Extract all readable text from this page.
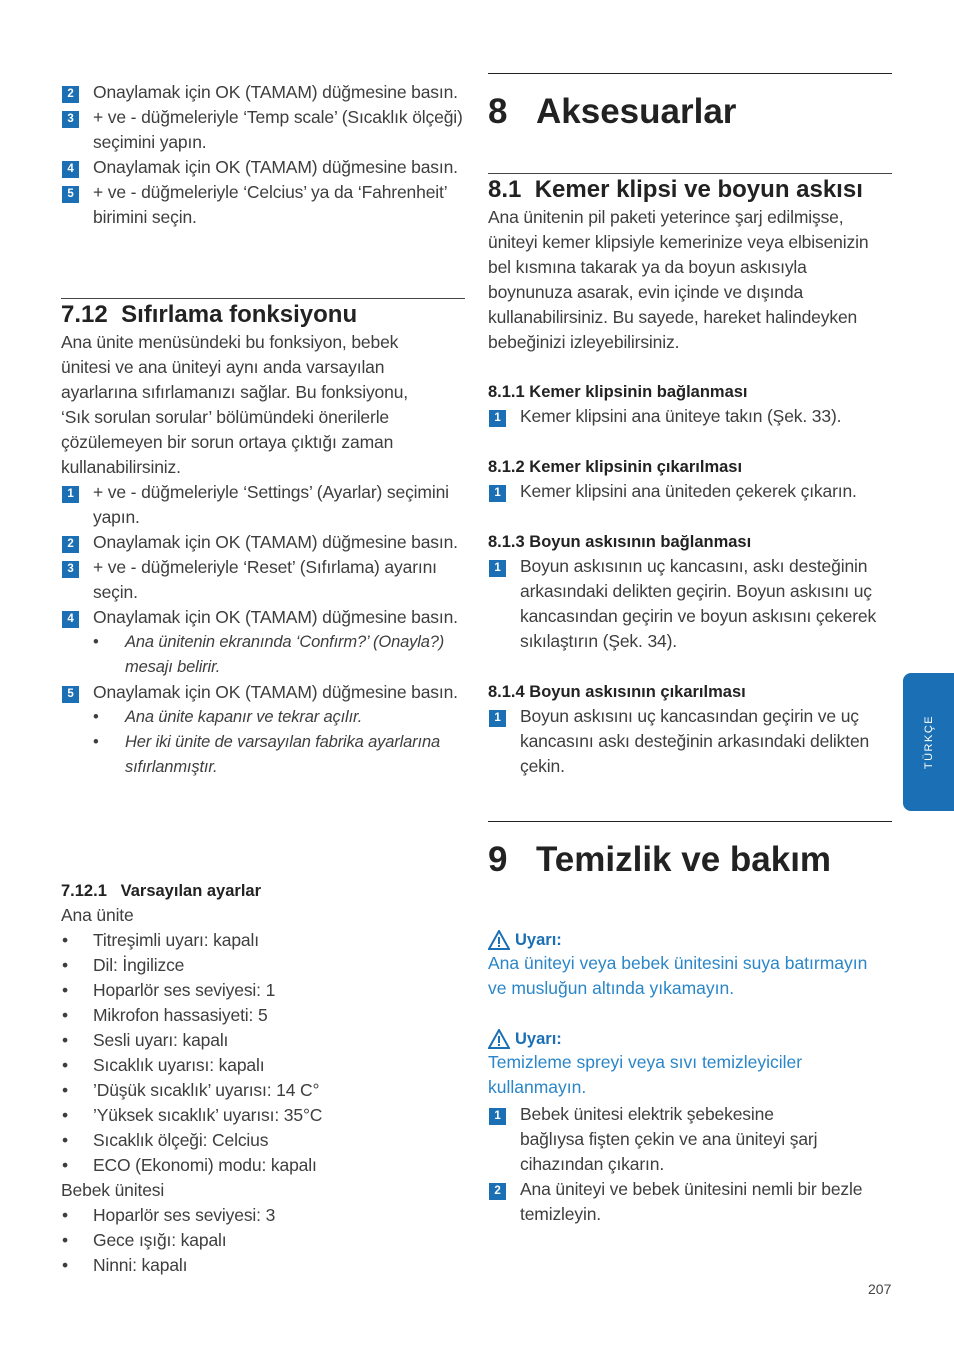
2	Onaylamak için OK (TAMAM) düğmesine basın.
3	+ ve - düğmeleriyle ‘Temp scale’ (Sıcaklık ölçeği) seçimini yapın.
4	Onaylamak için OK (TAMAM) düğmesine basın.
5	+ ve - düğmeleriyle ‘Celcius’ ya da ‘Fahrenheit’ birimini seçin.
7.12 Sıfırlama fonksiyonu
Ana ünite menüsündeki bu fonksiyon, bebek ünitesi ve ana üniteyi aynı anda varsayılan ayarlarına sıfırlamanızı sağlar. Bu fonksiyonu, ‘Sık sorulan sorular’ bölümündeki önerilerle çözülemeyen bir sorun ortaya çıktığı zaman kullanabilirsiniz.
1	+ ve - düğmeleriyle ‘Settings’ (Ayarlar) seçimini yapın.
2	Onaylamak için OK (TAMAM) düğmesine basın.
3	+ ve - düğmeleriyle ‘Reset’ (Sıfırlama) ayarını seçin.
4	Onaylamak için OK (TAMAM) düğmesine basın.
• Ana ünitenin ekranında ‘Confırm?’ (Onayla?) mesajı belirir.
5	Onaylamak için OK (TAMAM) düğmesine basın.
• Ana ünite kapanır ve tekrar açılır.
• Her iki ünite de varsayılan fabrika ayarlarına sıfırlanmıştır.
7.12.1 Varsayılan ayarlar
Ana ünite
• Titreşimli uyarı: kapalı
• Dil: İngilizce
• Hoparlör ses seviyesi: 1
• Mikrofon hassasiyeti: 5
• Sesli uyarı: kapalı
• Sıcaklık uyarısı: kapalı
• ’Düşük sıcaklık’ uyarısı: 14 C°
• ’Yüksek sıcaklık’ uyarısı: 35°C
• Sıcaklık ölçeği: Celcius
• ECO (Ekonomi) modu: kapalı
Bebek ünitesi
• Hoparlör ses seviyesi: 3
• Gece ışığı: kapalı
• Ninni: kapalı
8 Aksesuarlar
8.1 Kemer klipsi ve boyun askısı
Ana ünitenin pil paketi yeterince şarj edilmişse, üniteyi kemer klipsiyle kemerinize veya elbisenizin bel kısmına takarak ya da boyun askısıyla boynunuza asarak, evin içinde ve dışında kullanabilirsiniz. Bu sayede, hareket halindeyken bebeğinizi izleyebilirsiniz.
8.1.1 Kemer klipsinin bağlanması
1	Kemer klipsini ana üniteye takın (Şek. 33).
8.1.2 Kemer klipsinin çıkarılması
1	Kemer klipsini ana üniteden çekerek çıkarın.
8.1.3 Boyun askısının bağlanması
1	Boyun askısının uç kancasını, askı desteğinin arkasındaki delikten geçirin. Boyun askısını uç kancasından geçirin ve boyun askısını çekerek sıkılaştırın (Şek. 34).
8.1.4 Boyun askısının çıkarılması
1	Boyun askısını uç kancasından geçirin ve uç kancasını askı desteğinin arkasındaki delikten çekin.
9 Temizlik ve bakım
Uyarı:
Ana üniteyi veya bebek ünitesini suya batırmayın ve musluğun altında yıkamayın.
Uyarı:
Temizleme spreyi veya sıvı temizleyiciler kullanmayın.
1	Bebek ünitesi elektrik şebekesine bağlıysa fişten çekin ve ana üniteyi şarj cihazından çıkarın.
2	Ana üniteyi ve bebek ünitesini nemli bir bezle temizleyin.
TÜRKÇE
207
